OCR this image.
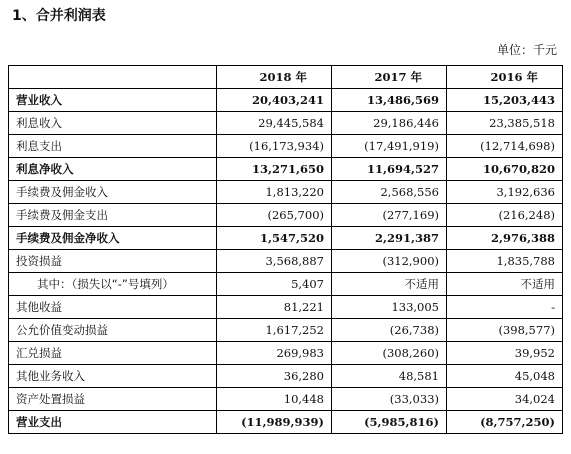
1、合并利润表
单位：千元
	2018 年	2017 年	2016 年
营业收入	20,403,241	13,486,569	15,203,443
利息收入	29,445,584	29,186,446	23,385,518
利息支出	(16,173,934)	(17,491,919)	(12,714,698)
利息净收入	13,271,650	11,694,527	10,670,820
手续费及佣金收入	1,813,220	2,568,556	3,192,636
手续费及佣金支出	(265,700)	(277,169)	(216,248)
手续费及佣金净收入	1,547,520	2,291,387	2,976,388
投资损益	3,568,887	(312,900)	1,835,788
其中：（损失以“-”号填列）	5,407	不适用	不适用
其他收益	81,221	133,005	-
公允价值变动损益	1,617,252	(26,738)	(398,577)
汇兑损益	269,983	(308,260)	39,952
其他业务收入	36,280	48,581	45,048
资产处置损益	10,448	(33,033)	34,024
营业支出	(11,989,939)	(5,985,816)	(8,757,250)
